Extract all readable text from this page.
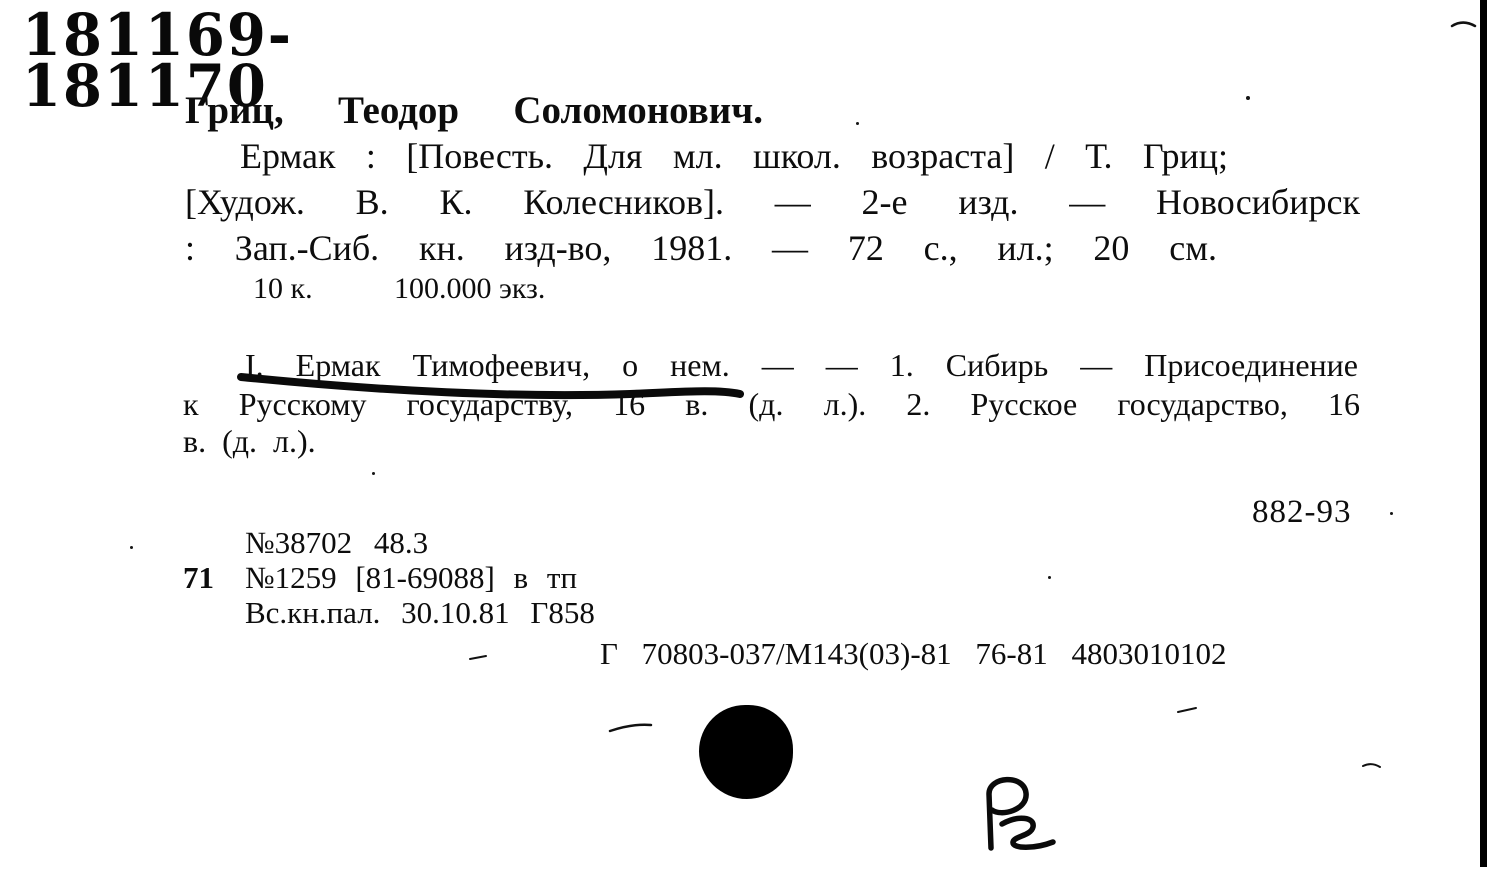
181169-
181170
Гриц, Теодор Соломонович.
Ермак : [Повесть. Для мл. школ. возраста] / Т. Гриц;
[Худож. В. К. Колесников]. — 2-е изд. — Новосибирск
: Зап.-Сиб. кн. изд-во, 1981. — 72 с., ил.; 20 см.
10 к.	100.000 экз.
I. Ермак Тимофеевич, о нем. — — 1. Сибирь — Присоединение
к Русскому государству, 16 в. (д. л.). 2. Русское государство, 16
в. (д. л.).
882-93
№38702 48.3
71 №1259 [81-69088] в тп
Вс.кн.пал. 30.10.81 Г858
Г 70803-037/М143(03)-81 76-81 4803010102
